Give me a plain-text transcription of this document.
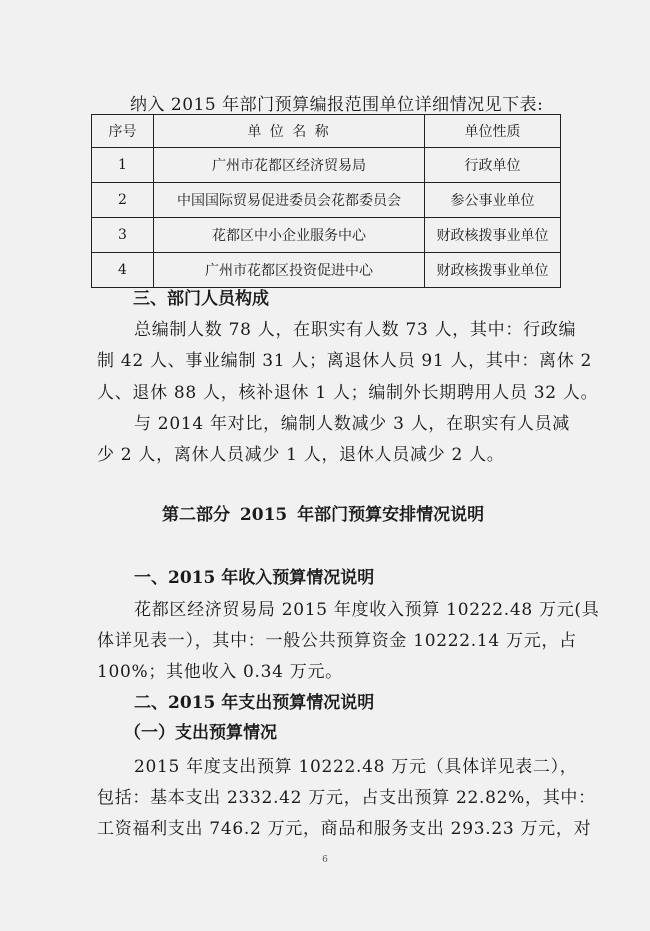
纳入 2015 年部门预算编报范围单位详细情况见下表:
序号	单 位 名 称	单位性质
1	广州市花都区经济贸易局	行政单位
2	中国国际贸易促进委员会花都委员会	参公事业单位
3	花都区中小企业服务中心	财政核拨事业单位
4	广州市花都区投资促进中心	财政核拨事业单位
三、部门人员构成
总编制人数 78 人，在职实有人数 73 人，其中：行政编
制 42 人、事业编制 31 人；离退休人员 91 人，其中：离休 2
人、退休 88 人，核补退休 1 人；编制外长期聘用人员 32 人。
与 2014 年对比，编制人数减少 3 人，在职实有人员减
少 2 人，离休人员减少 1 人，退休人员减少 2 人。
第二部分 2015 年部门预算安排情况说明
一、2015 年收入预算情况说明
花都区经济贸易局 2015 年度收入预算 10222.48 万元(具
体详见表一），其中：一般公共预算资金 10222.14 万元，占
100%；其他收入 0.34 万元。
二、2015 年支出预算情况说明
（一）支出预算情况
2015 年度支出预算 10222.48 万元（具体详见表二），
包括：基本支出 2332.42 万元，占支出预算 22.82%，其中：
工资福利支出 746.2 万元，商品和服务支出 293.23 万元，对
6
